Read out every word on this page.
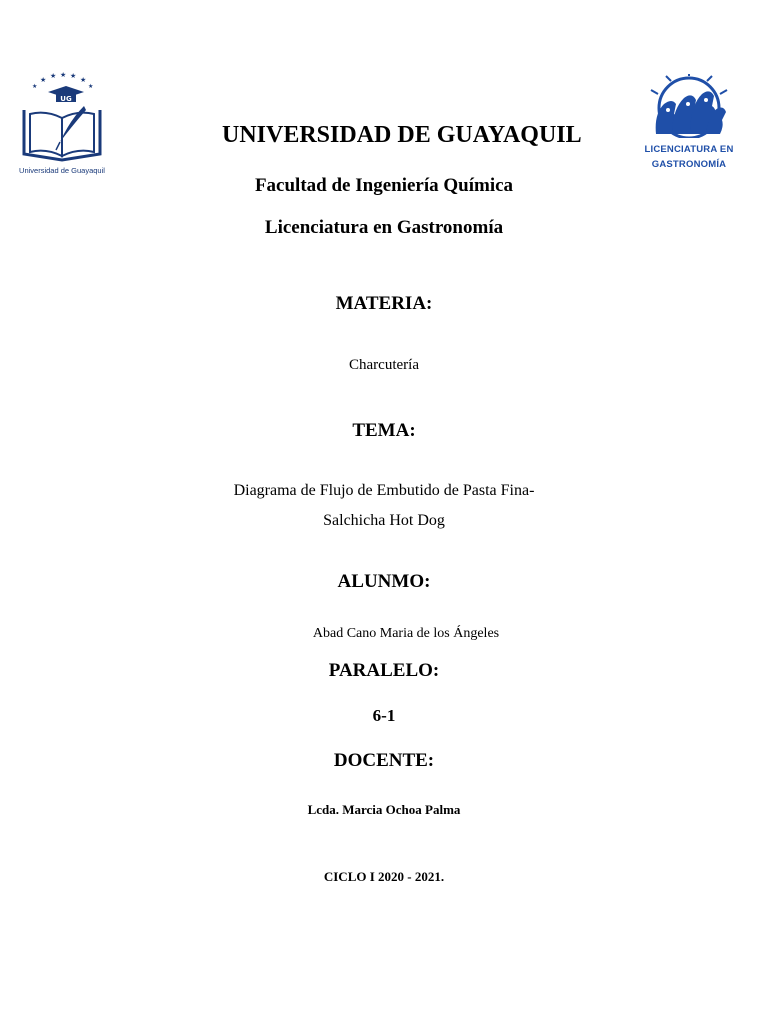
★ ★ ★ ★ ★
★	★
UG
Universidad de Guayaquil
LICENCIATURA EN
GASTRONOMÍA
UNIVERSIDAD DE GUAYAQUIL
Facultad de Ingeniería Química
Licenciatura en Gastronomía
MATERIA:
Charcutería
TEMA:
Diagrama de Flujo de Embutido de Pasta Fina-
Salchicha Hot Dog
ALUNMO:
Abad Cano Maria de los Ángeles
PARALELO:
6-1
DOCENTE:
Lcda. Marcia Ochoa Palma
CICLO I 2020 - 2021.
